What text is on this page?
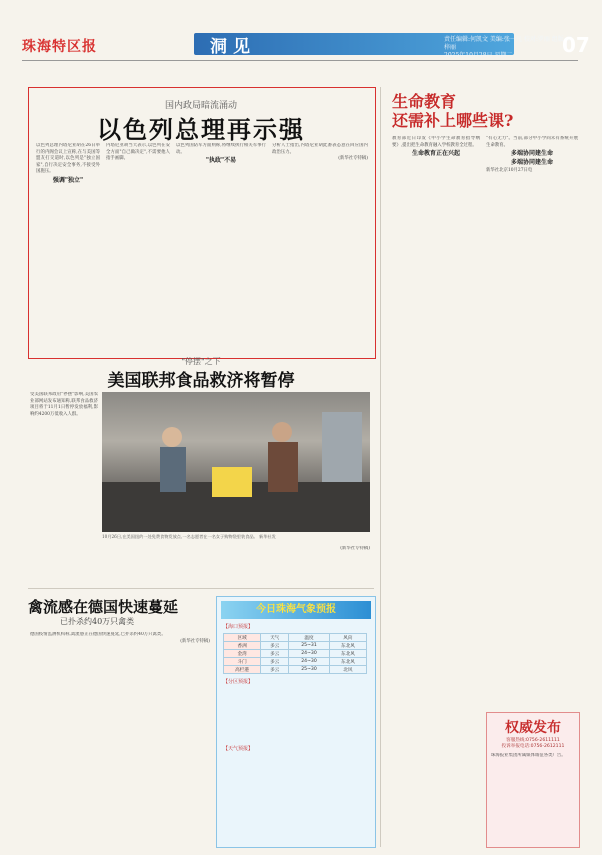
珠海特区报	洞见	责任编辑:何凯文 美编:张一凡 校对:罗丽 组版:刘梓丽
2025年10月28日 星期二	07
国内政局暗流涌动
以色列总理再示强
以色列总理内塔尼亚胡在26日举行的内阁会议上宣称,在与美国等盟友打交道时,以色列是"独立国家",自行决定安全事务,不接受外国施压。
强调"独立"
内塔尼亚胡当天表示,以色列在安全方面"自己做决定",不需要他人指手画脚。
以色列国防军方面则称,将继续执行相关军事行动。
"执政"不易
分析人士指出,内塔尼亚胡此番表态意在回应国内政治压力。
(新华社专特稿)
"停摆"之下
美国联邦食品救济将暂停
受美国联邦政府"停摆"影响,美国农业部网站发布通知称,联邦食品救济项目将于11月1日暂停发放福利,影响约4200万低收入人群。
10月26日,在美国纽约一处免费食物发放点,一名志愿者在一名女子购物袋里装食品。 新华社发
(新华社专特稿)
禽流感在德国快速蔓延
已扑杀约40万只禽类
德国疫情监测机构称,禽流感正在德国快速蔓延,已扑杀约40万只禽类。
(新华社专特稿)
今日珠海气象预报
【海口预报】
区域	天气	温度	风向
香洲	多云	25~31	东北风
金湾	多云	24~30	东北风
斗门	多云	24~30	东北风
高栏港	多云	25~30	北风
【分区预报】
【天气预报】
生命教育
还需补上哪些课?
教育部近日印发《中小学生命教育指导纲要》,提出把生命教育融入学校教育全过程。
生命教育正在兴起
"有心无力"。当前,部分中小学尚未有系统开展生命教育。
多端协同建生命
多端协同建生命
新华社北京10月27日电
权威发布
客服热线:0756-2611111
投诉举报电话:0756-2612111
珠海报业集团所属媒体诚征各类广告。
